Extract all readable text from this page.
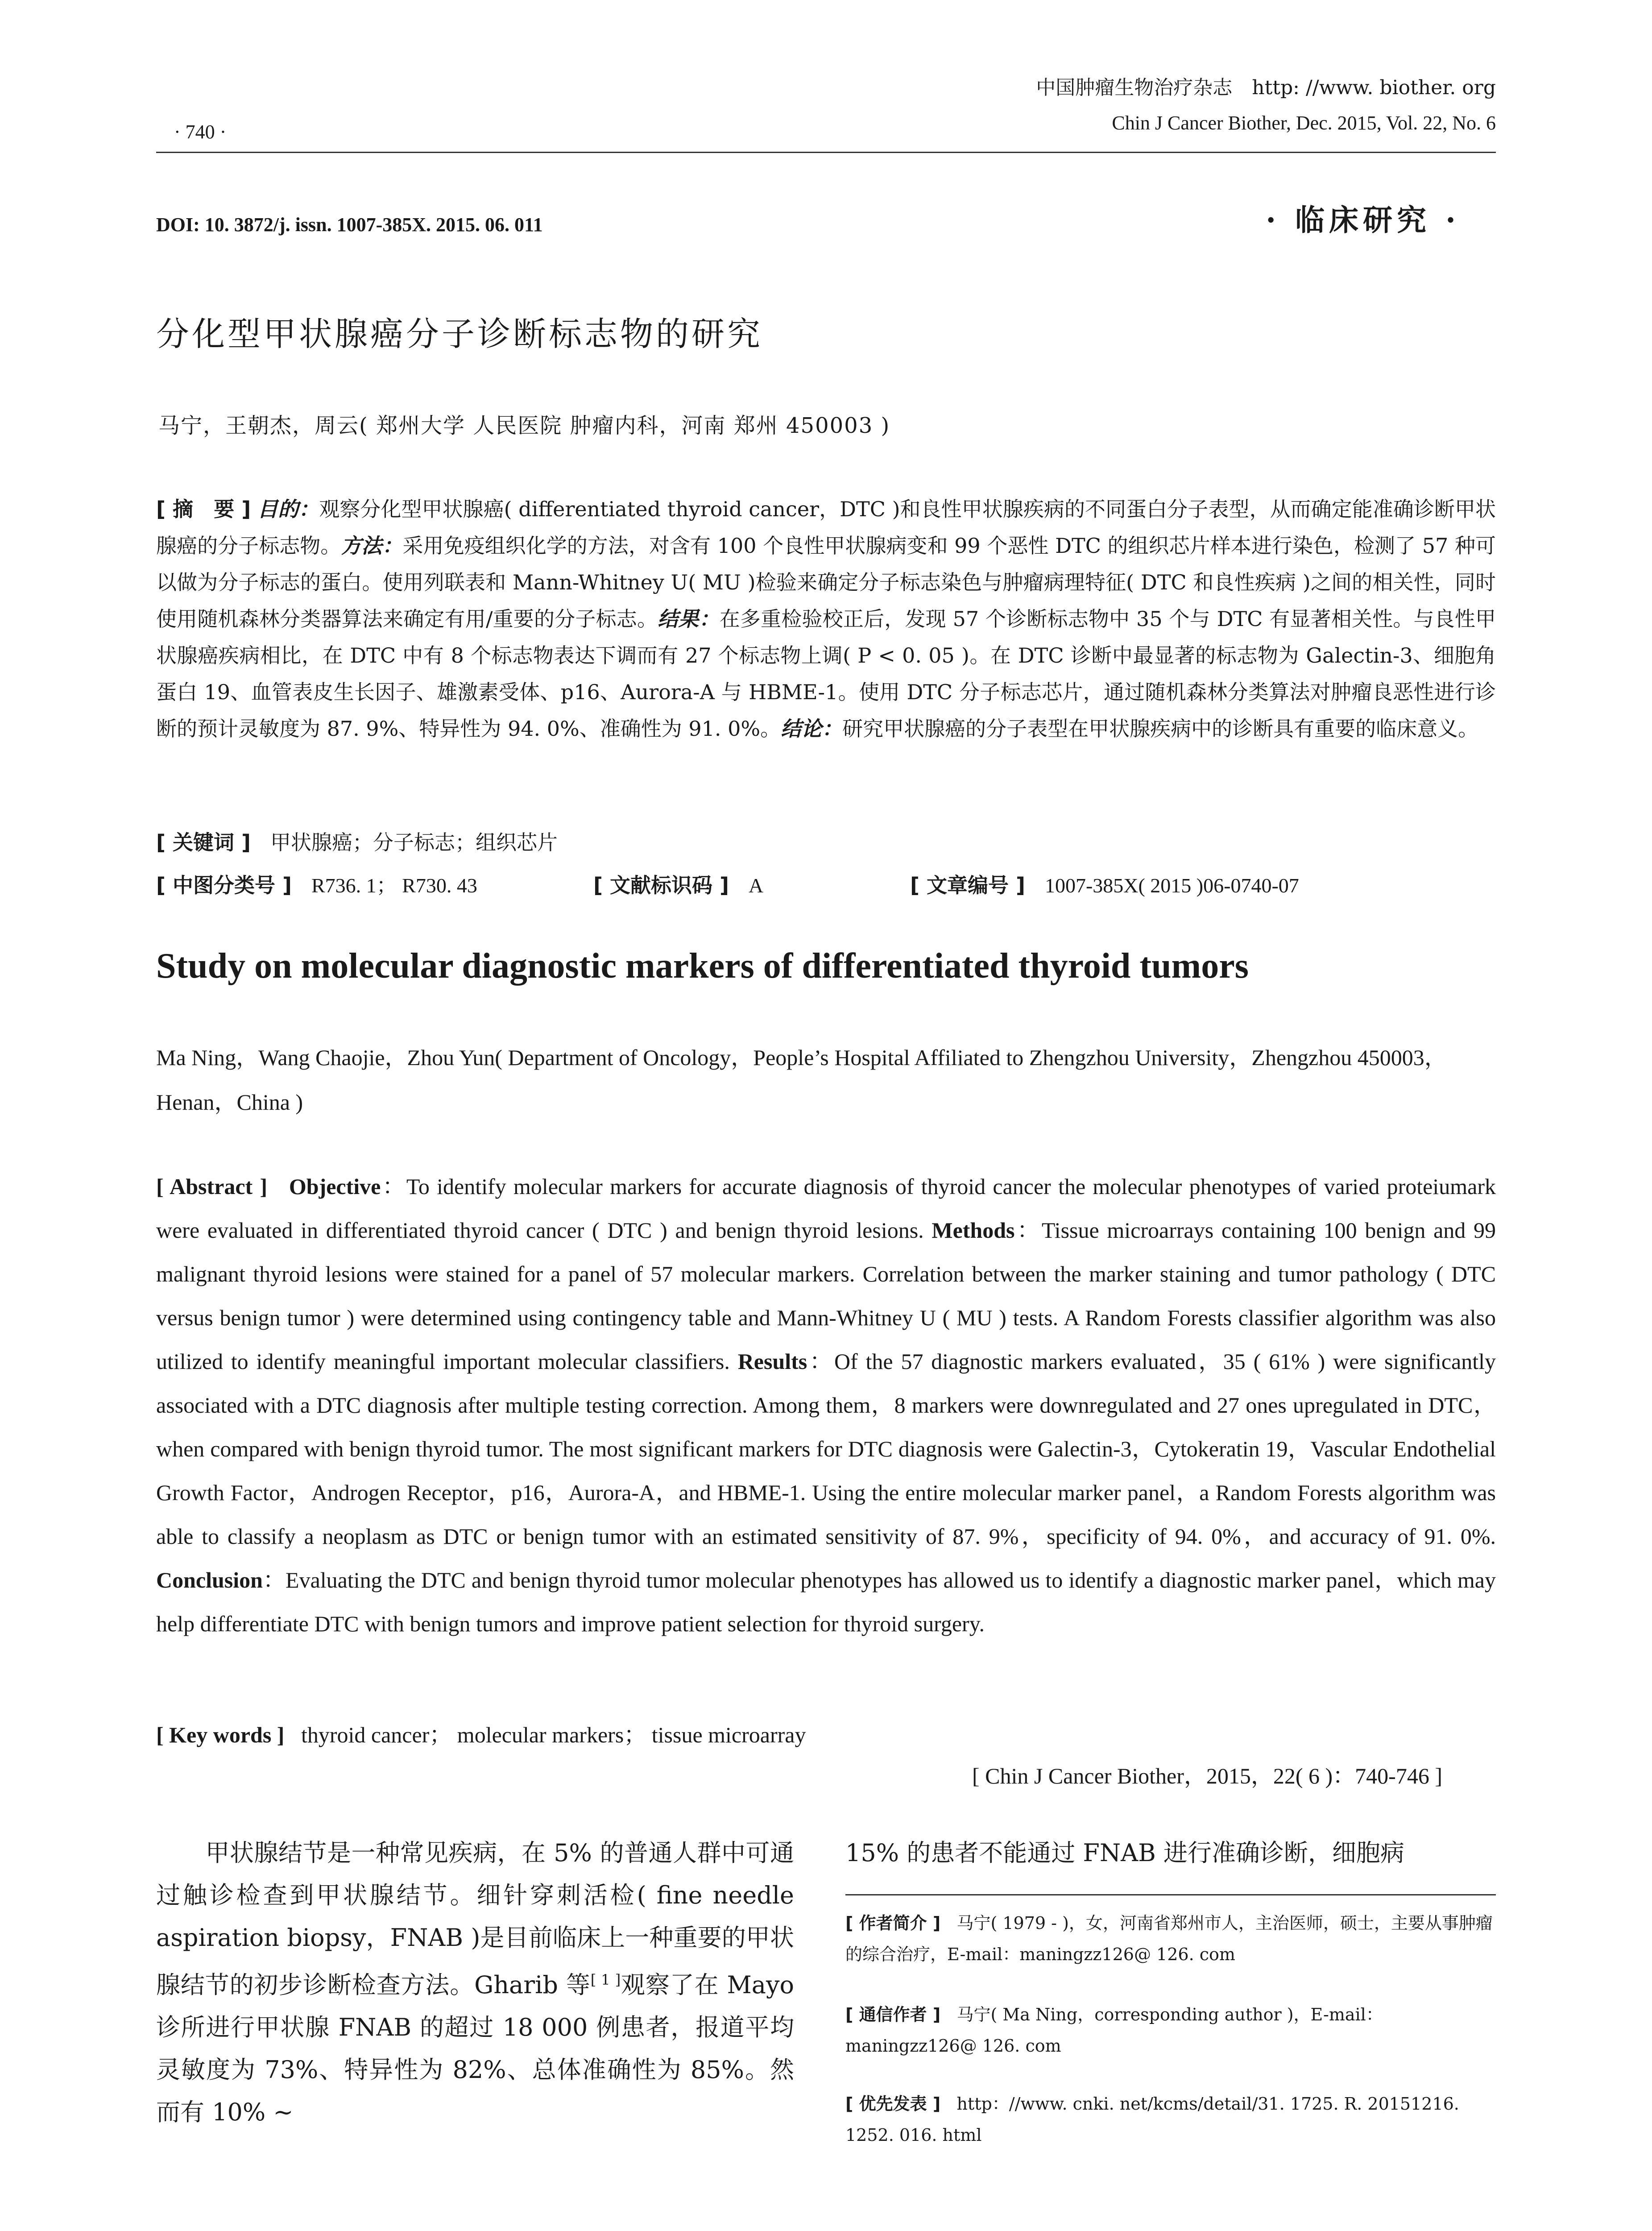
· 740 ·
中国肿瘤生物治疗杂志　http: //www. biother. org
Chin J Cancer Biother, Dec. 2015, Vol. 22, No. 6
DOI: 10. 3872/j. issn. 1007-385X. 2015. 06. 011	· 临床研究 ·
分化型甲状腺癌分子诊断标志物的研究
马宁，王朝杰，周云( 郑州大学 人民医院 肿瘤内科，河南 郑州 450003 )
[ 摘　要 ] 目的：观察分化型甲状腺癌( differentiated thyroid cancer，DTC )和良性甲状腺疾病的不同蛋白分子表型，从而确定能准确诊断甲状腺癌的分子标志物。方法：采用免疫组织化学的方法，对含有 100 个良性甲状腺病变和 99 个恶性 DTC 的组织芯片样本进行染色，检测了 57 种可以做为分子标志的蛋白。使用列联表和 Mann-Whitney U( MU )检验来确定分子标志染色与肿瘤病理特征( DTC 和良性疾病 )之间的相关性，同时使用随机森林分类器算法来确定有用/重要的分子标志。结果：在多重检验校正后，发现 57 个诊断标志物中 35 个与 DTC 有显著相关性。与良性甲状腺癌疾病相比，在 DTC 中有 8 个标志物表达下调而有 27 个标志物上调( P < 0. 05 )。在 DTC 诊断中最显著的标志物为 Galectin-3、细胞角蛋白 19、血管表皮生长因子、雄激素受体、p16、Aurora-A 与 HBME-1。使用 DTC 分子标志芯片，通过随机森林分类算法对肿瘤良恶性进行诊断的预计灵敏度为 87. 9%、特异性为 94. 0%、准确性为 91. 0%。结论：研究甲状腺癌的分子表型在甲状腺疾病中的诊断具有重要的临床意义。
[ 关键词 ] 甲状腺癌；分子标志；组织芯片
[ 中图分类号 ] R736. 1； R730. 43	[ 文献标识码 ] A	[ 文章编号 ] 1007-385X( 2015 )06-0740-07
Study on molecular diagnostic markers of differentiated thyroid tumors
Ma Ning，Wang Chaojie，Zhou Yun( Department of Oncology，People’s Hospital Affiliated to Zhengzhou University，Zhengzhou 450003，Henan，China )
[ Abstract ] Objective：To identify molecular markers for accurate diagnosis of thyroid cancer the molecular phenotypes of varied proteiumark were evaluated in differentiated thyroid cancer ( DTC ) and benign thyroid lesions. Methods：Tissue microarrays containing 100 benign and 99 malignant thyroid lesions were stained for a panel of 57 molecular markers. Correlation between the marker staining and tumor pathology ( DTC versus benign tumor ) were determined using contingency table and Mann-Whitney U ( MU ) tests. A Random Forests classifier algorithm was also utilized to identify meaningful important molecular classifiers. Results：Of the 57 diagnostic markers evaluated，35 ( 61% ) were significantly associated with a DTC diagnosis after multiple testing correction. Among them，8 markers were downregulated and 27 ones upregulated in DTC，when compared with benign thyroid tumor. The most significant markers for DTC diagnosis were Galectin-3，Cytokeratin 19，Vascular Endothelial Growth Factor，Androgen Receptor，p16，Aurora-A，and HBME-1. Using the entire molecular marker panel，a Random Forests algorithm was able to classify a neoplasm as DTC or benign tumor with an estimated sensitivity of 87. 9%，specificity of 94. 0%，and accuracy of 91. 0%. Conclusion：Evaluating the DTC and benign thyroid tumor molecular phenotypes has allowed us to identify a diagnostic marker panel，which may help differentiate DTC with benign tumors and improve patient selection for thyroid surgery.
[ Key words ] thyroid cancer； molecular markers； tissue microarray
[ Chin J Cancer Biother，2015，22( 6 )：740-746 ]
甲状腺结节是一种常见疾病，在 5% 的普通人群中可通过触诊检查到甲状腺结节。细针穿刺活检( fine needle aspiration biopsy，FNAB )是目前临床上一种重要的甲状腺结节的初步诊断检查方法。Gharib 等[ 1 ]观察了在 Mayo 诊所进行甲状腺 FNAB 的超过 18 000 例患者，报道平均灵敏度为 73%、特异性为 82%、总体准确性为 85%。然而有 10% ~
15% 的患者不能通过 FNAB 进行准确诊断，细胞病
[ 作者简介 ] 马宁( 1979 - )，女，河南省郑州市人，主治医师，硕士，主要从事肿瘤的综合治疗，E-mail：maningzz126@ 126. com
[ 通信作者 ] 马宁( Ma Ning，corresponding author )，E-mail：maningzz126@ 126. com
[ 优先发表 ] http：//www. cnki. net/kcms/detail/31. 1725. R. 20151216. 1252. 016. html
